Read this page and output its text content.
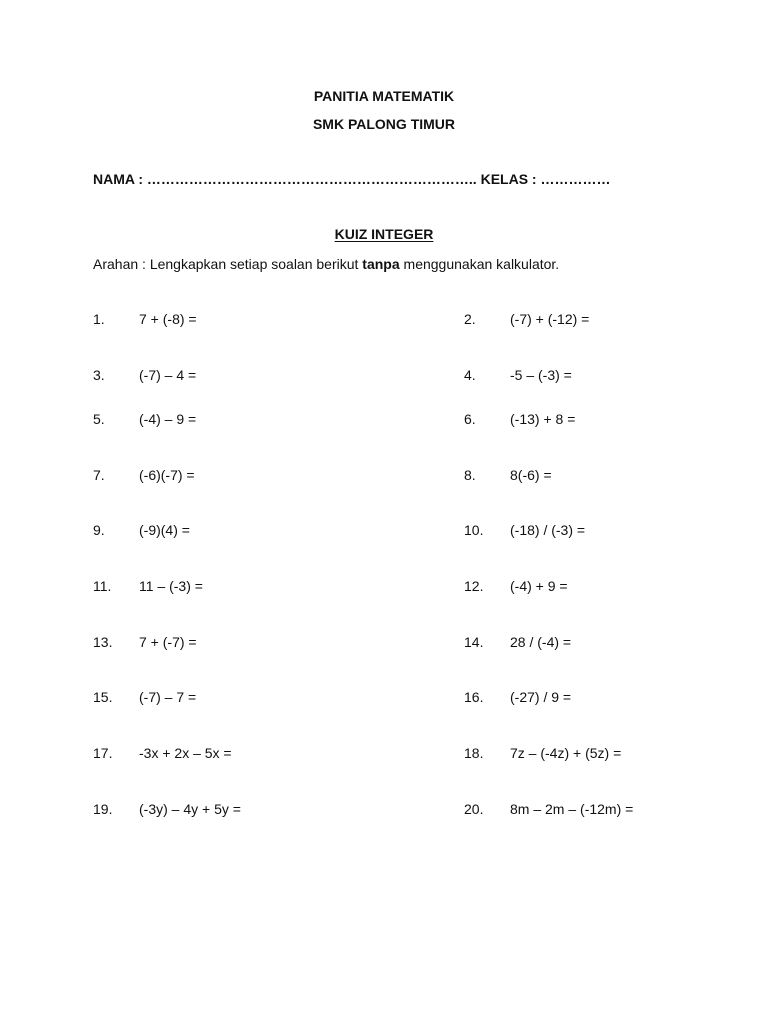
PANITIA MATEMATIK
SMK PALONG TIMUR
NAMA : …………………………………………………………….. KELAS : ……………
KUIZ INTEGER
Arahan : Lengkapkan setiap soalan berikut tanpa menggunakan kalkulator.
1. 7 + (-8) =	2. (-7) + (-12) =
3. (-7) – 4 =	4. -5 – (-3) =
5. (-4) – 9 =	6. (-13) + 8 =
7. (-6)(-7) =	8. 8(-6) =
9. (-9)(4) =	10. (-18) / (-3) =
11. 11 – (-3) =	12. (-4) + 9 =
13. 7 + (-7) =	14. 28 / (-4) =
15. (-7) – 7 =	16. (-27) / 9 =
17. -3x + 2x – 5x =	18. 7z – (-4z) + (5z) =
19. (-3y) – 4y + 5y =	20. 8m – 2m – (-12m) =
